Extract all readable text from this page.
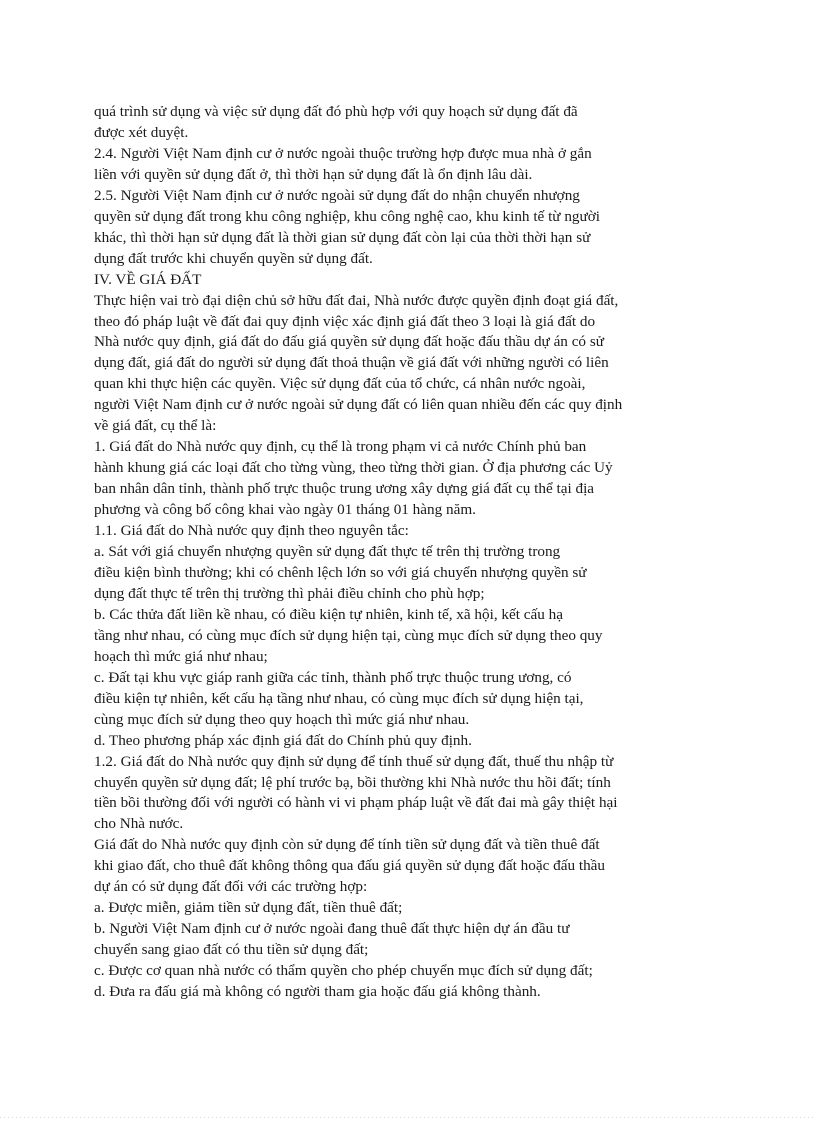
quá trình sử dụng và việc sử dụng đất đó phù hợp với quy hoạch sử dụng đất đã
được xét duyệt.
2.4. Người Việt Nam định cư ở nước ngoài thuộc trường hợp được mua nhà ở gắn
liền với quyền sử dụng đất ở, thì thời hạn sử dụng đất là ổn định lâu dài.
2.5. Người Việt Nam định cư ở nước ngoài sử dụng đất do nhận chuyển nhượng
quyền sử dụng đất trong khu công nghiệp, khu công nghệ cao, khu kinh tế từ người
khác, thì thời hạn sử dụng đất là thời gian sử dụng đất còn lại của thời thời hạn sử
dụng đất trước khi chuyển quyền sử dụng đất.
IV. VỀ GIÁ ĐẤT
Thực hiện vai trò đại diện chủ sở hữu đất đai, Nhà nước được quyền định đoạt giá đất,
theo đó pháp luật về đất đai quy định việc xác định giá đất theo 3 loại là giá đất do
Nhà nước quy định, giá đất do đấu giá quyền sử dụng đất hoặc đấu thầu dự án có sử
dụng đất, giá đất do người sử dụng đất thoả thuận về giá đất với những người có liên
quan khi thực hiện các quyền. Việc sử dụng đất của tổ chức, cá nhân nước ngoài,
người Việt Nam định cư ở nước ngoài sử dụng đất có liên quan nhiều đến các quy định
về giá đất, cụ thể là:
1. Giá đất do Nhà nước quy định, cụ thể là trong phạm vi cả nước Chính phủ ban
hành khung giá các loại đất cho từng vùng, theo từng thời gian. Ở địa phương các Uỷ
ban nhân dân tỉnh, thành phố trực thuộc trung ương xây dựng giá đất cụ thể tại địa
phương và công bố công khai vào ngày 01 tháng 01 hàng năm.
1.1. Giá đất do Nhà nước quy định theo nguyên tắc:
a. Sát với giá chuyển nhượng quyền sử dụng đất thực tế trên thị trường trong
điều kiện bình thường; khi có chênh lệch lớn so với giá chuyển nhượng quyền sử
dụng đất thực tế trên thị trường thì phải điều chỉnh cho phù hợp;
b. Các thửa đất liền kề nhau, có điều kiện tự nhiên, kinh tế, xã hội, kết cấu hạ
tầng như nhau, có cùng mục đích sử dụng hiện tại, cùng mục đích sử dụng theo quy
hoạch thì mức giá như nhau;
c. Đất tại khu vực giáp ranh giữa các tỉnh, thành phố trực thuộc trung ương, có
điều kiện tự nhiên, kết cấu hạ tầng như nhau, có cùng mục đích sử dụng hiện tại,
cùng mục đích sử dụng theo quy hoạch thì mức giá như nhau.
d. Theo phương pháp xác định giá đất do Chính phủ quy định.
1.2. Giá đất do Nhà nước quy định sử dụng để tính thuế sử dụng đất, thuế thu nhập từ
chuyển quyền sử dụng đất; lệ phí trước bạ, bồi thường khi Nhà nước thu hồi đất; tính
tiền bồi thường đối với người có hành vi vi phạm pháp luật về đất đai mà gây thiệt hại
cho Nhà nước.
Giá đất do Nhà nước quy định còn sử dụng để tính tiền sử dụng đất và tiền thuê đất
khi giao đất, cho thuê đất không thông qua đấu giá quyền sử dụng đất hoặc đấu thầu
dự án có sử dụng đất đối với các trường hợp:
a. Được miễn, giảm tiền sử dụng đất, tiền thuê đất;
b. Người Việt Nam định cư ở nước ngoài đang thuê đất thực hiện dự án đầu tư
chuyển sang giao đất có thu tiền sử dụng đất;
c. Được cơ quan nhà nước có thẩm quyền cho phép chuyển mục đích sử dụng đất;
d. Đưa ra đấu giá mà không có người tham gia hoặc đấu giá không thành.
